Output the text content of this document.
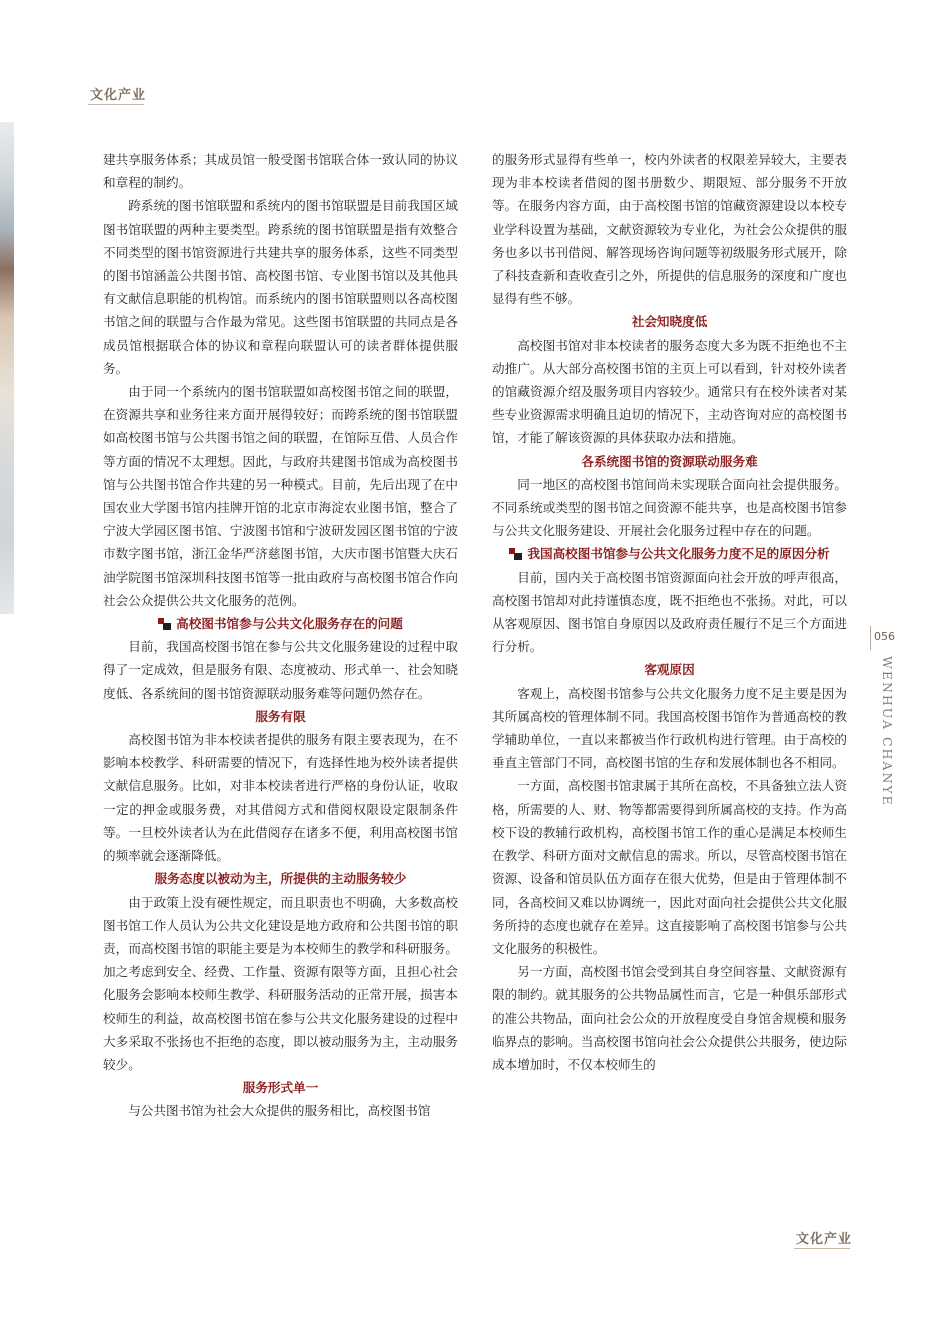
文化产业

建共享服务体系；其成员馆一般受图书馆联合体一致认同的协议和章程的制约。

跨系统的图书馆联盟和系统内的图书馆联盟是目前我国区域图书馆联盟的两种主要类型。跨系统的图书馆联盟是指有效整合不同类型的图书馆资源进行共建共享的服务体系，这些不同类型的图书馆涵盖公共图书馆、高校图书馆、专业图书馆以及其他具有文献信息职能的机构馆。而系统内的图书馆联盟则以各高校图书馆之间的联盟与合作最为常见。这些图书馆联盟的共同点是各成员馆根据联合体的协议和章程向联盟认可的读者群体提供服务。

由于同一个系统内的图书馆联盟如高校图书馆之间的联盟，在资源共享和业务往来方面开展得较好；而跨系统的图书馆联盟如高校图书馆与公共图书馆之间的联盟，在馆际互借、人员合作等方面的情况不太理想。因此，与政府共建图书馆成为高校图书馆与公共图书馆合作共建的另一种模式。目前，先后出现了在中国农业大学图书馆内挂牌开馆的北京市海淀农业图书馆，整合了宁波大学园区图书馆、宁波图书馆和宁波研发园区图书馆的宁波市数字图书馆，浙江金华严济慈图书馆，大庆市图书馆暨大庆石油学院图书馆深圳科技图书馆等一批由政府与高校图书馆合作向社会公众提供公共文化服务的范例。

高校图书馆参与公共文化服务存在的问题

目前，我国高校图书馆在参与公共文化服务建设的过程中取得了一定成效，但是服务有限、态度被动、形式单一、社会知晓度低、各系统间的图书馆资源联动服务难等问题仍然存在。

服务有限

高校图书馆为非本校读者提供的服务有限主要表现为，在不影响本校教学、科研需要的情况下，有选择性地为校外读者提供文献信息服务。比如，对非本校读者进行严格的身份认证，收取一定的押金或服务费，对其借阅方式和借阅权限设定限制条件等。一旦校外读者认为在此借阅存在诸多不便，利用高校图书馆的频率就会逐渐降低。

服务态度以被动为主，所提供的主动服务较少

由于政策上没有硬性规定，而且职责也不明确，大多数高校图书馆工作人员认为公共文化建设是地方政府和公共图书馆的职责，而高校图书馆的职能主要是为本校师生的教学和科研服务。加之考虑到安全、经费、工作量、资源有限等方面，且担心社会化服务会影响本校师生教学、科研服务活动的正常开展，损害本校师生的利益，故高校图书馆在参与公共文化服务建设的过程中大多采取不张扬也不拒绝的态度，即以被动服务为主，主动服务较少。

服务形式单一

与公共图书馆为社会大众提供的服务相比，高校图书馆

的服务形式显得有些单一，校内外读者的权限差异较大，主要表现为非本校读者借阅的图书册数少、期限短、部分服务不开放等。在服务内容方面，由于高校图书馆的馆藏资源建设以本校专业学科设置为基础，文献资源较为专业化，为社会公众提供的服务也多以书刊借阅、解答现场咨询问题等初级服务形式展开，除了科技查新和查收查引之外，所提供的信息服务的深度和广度也显得有些不够。

社会知晓度低

高校图书馆对非本校读者的服务态度大多为既不拒绝也不主动推广。从大部分高校图书馆的主页上可以看到，针对校外读者的馆藏资源介绍及服务项目内容较少。通常只有在校外读者对某些专业资源需求明确且迫切的情况下，主动咨询对应的高校图书馆，才能了解该资源的具体获取办法和措施。

各系统图书馆的资源联动服务难

同一地区的高校图书馆间尚未实现联合面向社会提供服务。不同系统或类型的图书馆之间资源不能共享，也是高校图书馆参与公共文化服务建设、开展社会化服务过程中存在的问题。

我国高校图书馆参与公共文化服务力度不足的原因分析

目前，国内关于高校图书馆资源面向社会开放的呼声很高，高校图书馆却对此持谨慎态度，既不拒绝也不张扬。对此，可以从客观原因、图书馆自身原因以及政府责任履行不足三个方面进行分析。

客观原因

客观上，高校图书馆参与公共文化服务力度不足主要是因为其所属高校的管理体制不同。我国高校图书馆作为普通高校的教学辅助单位，一直以来都被当作行政机构进行管理。由于高校的垂直主管部门不同，高校图书馆的生存和发展体制也各不相同。

一方面，高校图书馆隶属于其所在高校，不具备独立法人资格，所需要的人、财、物等都需要得到所属高校的支持。作为高校下设的教辅行政机构，高校图书馆工作的重心是满足本校师生在教学、科研方面对文献信息的需求。所以，尽管高校图书馆在资源、设备和馆员队伍方面存在很大优势，但是由于管理体制不同，各高校间又难以协调统一，因此对面向社会提供公共文化服务所持的态度也就存在差异。这直接影响了高校图书馆参与公共文化服务的积极性。

另一方面，高校图书馆会受到其自身空间容量、文献资源有限的制约。就其服务的公共物品属性而言，它是一种俱乐部形式的准公共物品，面向社会公众的开放程度受自身馆舍规模和服务临界点的影响。当高校图书馆向社会公众提供公共服务，使边际成本增加时，不仅本校师生的

056
WENHUA CHANYE
文化产业
